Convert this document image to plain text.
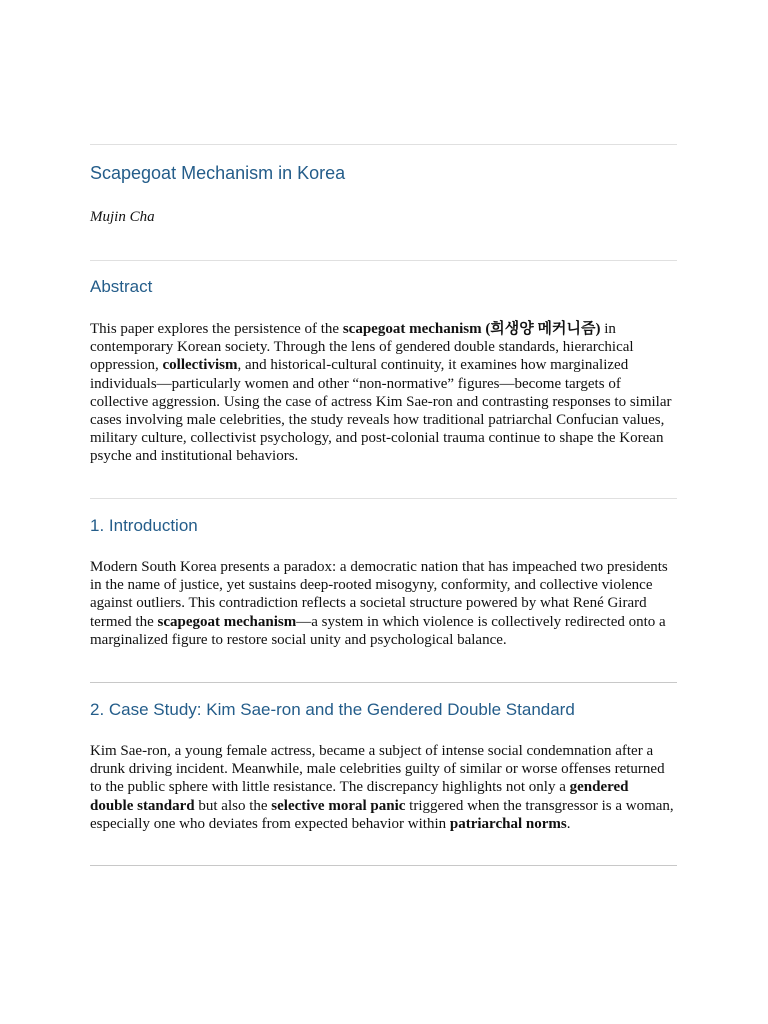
Scapegoat Mechanism in Korea

Mujin Cha

Abstract
This paper explores the persistence of the scapegoat mechanism (희생양 메커니즘) in
contemporary Korean society. Through the lens of gendered double standards, hierarchical
oppression, collectivism, and historical-cultural continuity, it examines how marginalized
individuals—particularly women and other “non-normative” figures—become targets of
collective aggression. Using the case of actress Kim Sae-ron and contrasting responses to similar
cases involving male celebrities, the study reveals how traditional patriarchal Confucian values,
military culture, collectivist psychology, and post-colonial trauma continue to shape the Korean
psyche and institutional behaviors.
1. Introduction
Modern South Korea presents a paradox: a democratic nation that has impeached two presidents
in the name of justice, yet sustains deep-rooted misogyny, conformity, and collective violence
against outliers. This contradiction reflects a societal structure powered by what René Girard
termed the scapegoat mechanism—a system in which violence is collectively redirected onto a
marginalized figure to restore social unity and psychological balance.
2. Case Study: Kim Sae-ron and the Gendered Double Standard
Kim Sae-ron, a young female actress, became a subject of intense social condemnation after a
drunk driving incident. Meanwhile, male celebrities guilty of similar or worse offenses returned
to the public sphere with little resistance. The discrepancy highlights not only a gendered
double standard but also the selective moral panic triggered when the transgressor is a woman,
especially one who deviates from expected behavior within patriarchal norms.
